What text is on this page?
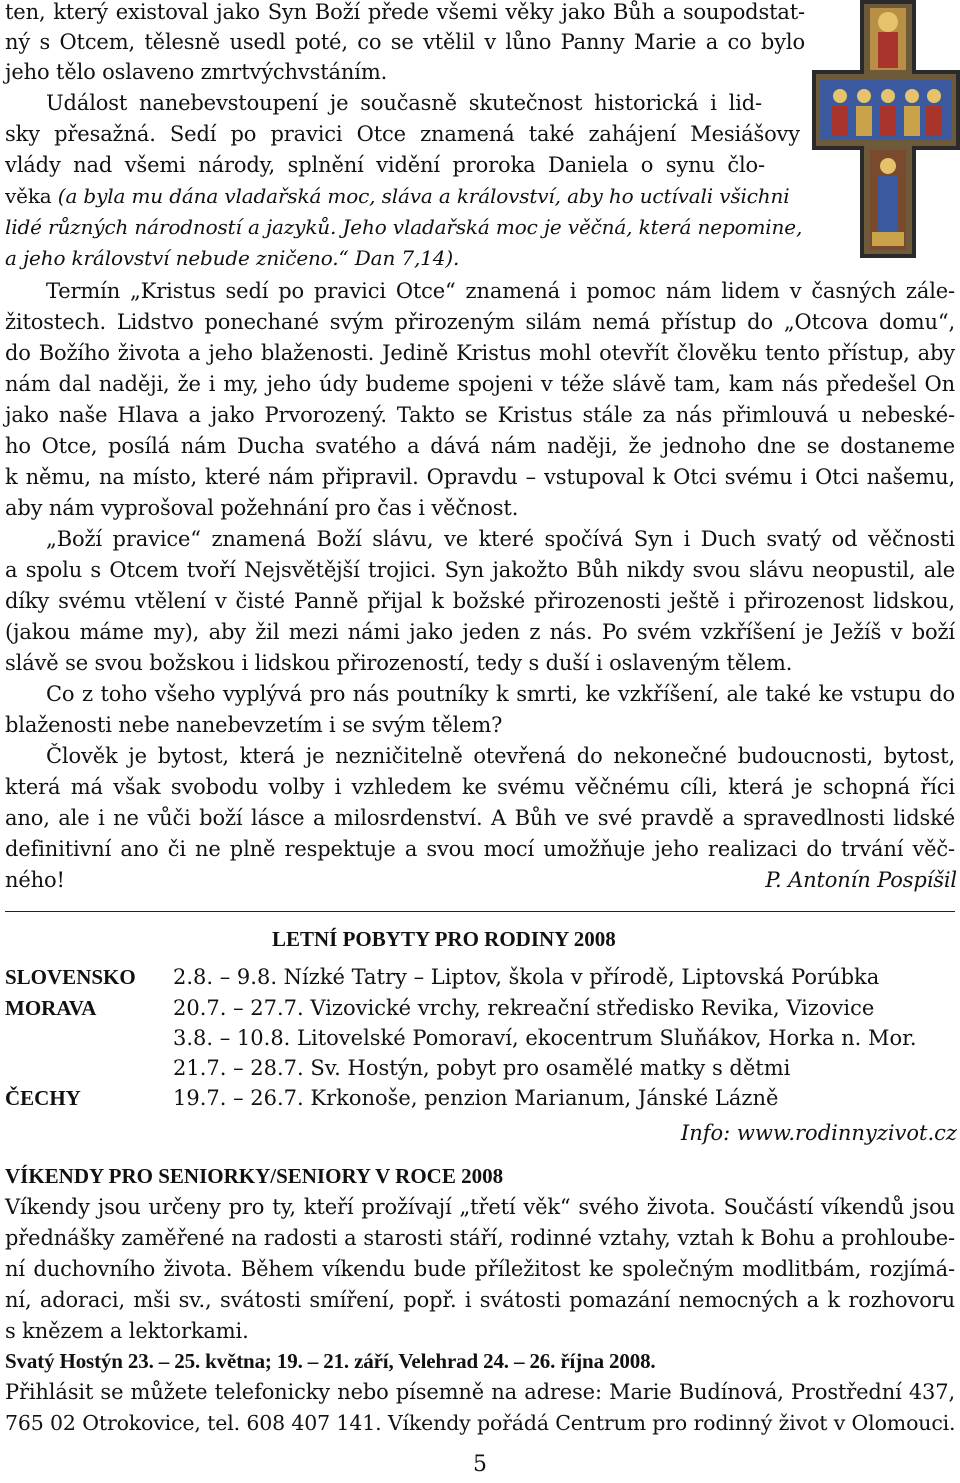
ten, který existoval jako Syn Boží přede všemi věky jako Bůh a soupodstat-
ný s Otcem, tělesně usedl poté, co se vtělil v lůno Panny Marie a co bylo
jeho tělo oslaveno zmrtvýchvstáním.
Událost nanebevstoupení je současně skutečnost historická i lid-
sky přesažná. Sedí po pravici Otce znamená také zahájení Mesiášovy
vlády nad všemi národy, splnění vidění proroka Daniela o synu člo-
věka (a byla mu dána vladařská moc, sláva a království, aby ho uctívali všichni
lidé různých národností a jazyků. Jeho vladařská moc je věčná, která nepomine,
a jeho království nebude zničeno.“ Dan 7,14).
Termín „Kristus sedí po pravici Otce“ znamená i pomoc nám lidem v časných zále-
žitostech. Lidstvo ponechané svým přirozeným silám nemá přístup do „Otcova domu“,
do Božího života a jeho blaženosti. Jedině Kristus mohl otevřít člověku tento přístup, aby
nám dal naději, že i my, jeho údy budeme spojeni v téže slávě tam, kam nás předešel On
jako naše Hlava a jako Prvorozený. Takto se Kristus stále za nás přimlouvá u nebeské-
ho Otce, posílá nám Ducha svatého a dává nám naději, že jednoho dne se dostaneme
k němu, na místo, které nám připravil. Opravdu – vstupoval k Otci svému i Otci našemu,
aby nám vyprošoval požehnání pro čas i věčnost.
„Boží pravice“ znamená Boží slávu, ve které spočívá Syn i Duch svatý od věčnosti
a spolu s Otcem tvoří Nejsvětější trojici. Syn jakožto Bůh nikdy svou slávu neopustil, ale
díky svému vtělení v čisté Panně přijal k božské přirozenosti ještě i přirozenost lidskou,
(jakou máme my), aby žil mezi námi jako jeden z nás. Po svém vzkříšení je Ježíš v boží
slávě se svou božskou i lidskou přirozeností, tedy s duší i oslaveným tělem.
Co z toho všeho vyplývá pro nás poutníky k smrti, ke vzkříšení, ale také ke vstupu do
blaženosti nebe nanebevzetím i se svým tělem?
Člověk je bytost, která je nezničitelně otevřená do nekonečné budoucnosti, bytost,
která má však svobodu volby i vzhledem ke svému věčnému cíli, která je schopná říci
ano, ale i ne vůči boží lásce a milosrdenství. A Bůh ve své pravdě a spravedlnosti lidské
definitivní ano či ne plně respektuje a svou mocí umožňuje jeho realizaci do trvání věč-
ného!	P. Antonín Pospíšil
LETNÍ POBYTY PRO RODINY 2008
SLOVENSKO
MORAVA
ČECHY
2.8. – 9.8. Nízké Tatry – Liptov, škola v přírodě, Liptovská Porúbka
20.7. – 27.7. Vizovické vrchy, rekreační středisko Revika, Vizovice
3.8. – 10.8. Litovelské Pomoraví, ekocentrum Sluňákov, Horka n. Mor.
21.7. – 28.7. Sv. Hostýn, pobyt pro osamělé matky s dětmi
19.7. – 26.7. Krkonoše, penzion Marianum, Jánské Lázně
Info: www.rodinnyzivot.cz
VÍKENDY PRO SENIORKY/SENIORY V ROCE 2008
Víkendy jsou určeny pro ty, kteří prožívají „třetí věk“ svého života. Součástí víkendů jsou
přednášky zaměřené na radosti a starosti stáří, rodinné vztahy, vztah k Bohu a prohloube-
ní duchovního života. Během víkendu bude příležitost ke společným modlitbám, rozjímá-
ní, adoraci, mši sv., svátosti smíření, popř. i svátosti pomazání nemocných a k rozhovoru
s knězem a lektorkami.
Svatý Hostýn 23. – 25. května; 19. – 21. září, Velehrad 24. – 26. října 2008.
Přihlásit se můžete telefonicky nebo písemně na adrese: Marie Budínová, Prostřední 437,
765 02 Otrokovice, tel. 608 407 141. Víkendy pořádá Centrum pro rodinný život v Olomouci.
5
